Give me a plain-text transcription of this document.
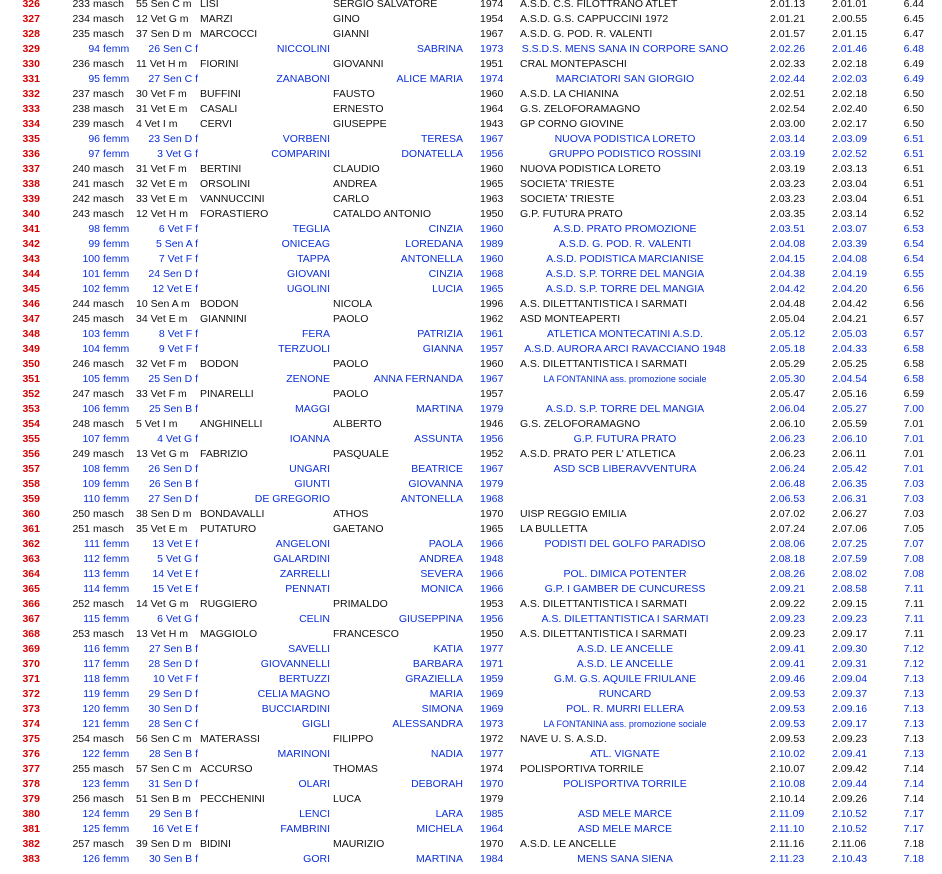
326	233 masch	55 Sen C m LISI	SERGIO SALVATORE	1974 A.S.D. C.S. FILOTTRANO ATLET	2.01.13	2.01.01	6.44
327	234 masch	12 Vet G m	MARZI	GINO	1954 A.S.D. G.S. CAPPUCCINI 1972	2.01.21	2.00.55	6.45
328	235 masch	37 Sen D m MARCOCCI	GIANNI	1967 A.S.D. G. POD. R. VALENTI	2.01.57	2.01.15	6.47
329	94 femm	26 Sen C f	NICCOLINI	SABRINA 1973	S.S.D.S. MENS SANA IN CORPORE SANO	2.02.26	2.01.46	6.48
330	236 masch	11 Vet H m	FIORINI	GIOVANNI	1951 CRAL MONTEPASCHI	2.02.33	2.02.18	6.49
331	95 femm	27 Sen C f	ZANABONI	ALICE MARIA 1974	MARCIATORI SAN GIORGIO	2.02.44	2.02.03	6.49
332	237 masch	30 Vet F m	BUFFINI	FAUSTO	1960 A.S.D. LA CHIANINA	2.02.51	2.02.18	6.50
333	238 masch	31 Vet E m	CASALI	ERNESTO	1964 G.S. ZELOFORAMAGNO	2.02.54	2.02.40	6.50
334	239 masch	4 Vet I m	CERVI	GIUSEPPE	1943 GP CORNO GIOVINE	2.03.00	2.02.17	6.50
335	96 femm	23 Sen D f	VORBENI	TERESA 1967	NUOVA PODISTICA LORETO	2.03.14	2.03.09	6.51
336	97 femm	3 Vet G f	COMPARINI	DONATELLA 1956	GRUPPO PODISTICO ROSSINI	2.03.19	2.02.52	6.51
337	240 masch	31 Vet F m	BERTINI	CLAUDIO	1960 NUOVA PODISTICA LORETO	2.03.19	2.03.13	6.51
338	241 masch	32 Vet E m	ORSOLINI	ANDREA	1965 SOCIETA' TRIESTE	2.03.23	2.03.04	6.51
339	242 masch	33 Vet E m	VANNUCCINI	CARLO	1963 SOCIETA' TRIESTE	2.03.23	2.03.04	6.51
340	243 masch	12 Vet H m	FORASTIERO	CATALDO ANTONIO	1950 G.P. FUTURA PRATO	2.03.35	2.03.14	6.52
341	98 femm	6 Vet F f	TEGLIA	CINZIA 1960	A.S.D. PRATO PROMOZIONE	2.03.51	2.03.07	6.53
342	99 femm	5 Sen A f	ONICEAG	LOREDANA 1989	A.S.D. G. POD. R. VALENTI	2.04.08	2.03.39	6.54
343	100 femm	7 Vet F f	TAPPA	ANTONELLA 1960	A.S.D. PODISTICA MARCIANISE	2.04.15	2.04.08	6.54
344	101 femm	24 Sen D f	GIOVANI	CINZIA 1968	A.S.D. S.P. TORRE DEL MANGIA	2.04.38	2.04.19	6.55
345	102 femm	12 Vet E f	UGOLINI	LUCIA 1965	A.S.D. S.P. TORRE DEL MANGIA	2.04.42	2.04.20	6.56
346	244 masch	10 Sen A m BODON	NICOLA	1996 A.S. DILETTANTISTICA I SARMATI	2.04.48	2.04.42	6.56
347	245 masch	34 Vet E m	GIANNINI	PAOLO	1962 ASD MONTEAPERTI	2.05.04	2.04.21	6.57
348	103 femm	8 Vet F f	FERA	PATRIZIA 1961	ATLETICA MONTECATINI A.S.D.	2.05.12	2.05.03	6.57
349	104 femm	9 Vet F f	TERZUOLI	GIANNA 1957	A.S.D. AURORA ARCI RAVACCIANO 1948	2.05.18	2.04.33	6.58
350	246 masch	32 Vet F m	BODON	PAOLO	1960 A.S. DILETTANTISTICA I SARMATI	2.05.29	2.05.25	6.58
351	105 femm	25 Sen D f	ZENONE	ANNA FERNANDA 1967	LA FONTANINA ass. promozione sociale	2.05.30	2.04.54	6.58
352	247 masch	33 Vet F m	PINARELLI	PAOLO	1957	2.05.47	2.05.16	6.59
353	106 femm	25 Sen B f	MAGGI	MARTINA 1979	A.S.D. S.P. TORRE DEL MANGIA	2.06.04	2.05.27	7.00
354	248 masch	5 Vet I m	ANGHINELLI	ALBERTO	1946 G.S. ZELOFORAMAGNO	2.06.10	2.05.59	7.01
355	107 femm	4 Vet G f	IOANNA	ASSUNTA 1956	G.P. FUTURA PRATO	2.06.23	2.06.10	7.01
356	249 masch	13 Vet G m	FABRIZIO	PASQUALE	1952 A.S.D. PRATO PER L' ATLETICA	2.06.23	2.06.11	7.01
357	108 femm	26 Sen D f	UNGARI	BEATRICE 1967	ASD SCB LIBERAVVENTURA	2.06.24	2.05.42	7.01
358	109 femm	26 Sen B f	GIUNTI	GIOVANNA 1979	2.06.48	2.06.35	7.03
359	110 femm	27 Sen D f	DE GREGORIO	ANTONELLA 1968	2.06.53	2.06.31	7.03
360	250 masch	38 Sen D m BONDAVALLI	ATHOS	1970 UISP REGGIO EMILIA	2.07.02	2.06.27	7.03
361	251 masch	35 Vet E m	PUTATURO	GAETANO	1965 LA BULLETTA	2.07.24	2.07.06	7.05
362	111 femm	13 Vet E f	ANGELONI	PAOLA 1966	PODISTI DEL GOLFO PARADISO	2.08.06	2.07.25	7.07
363	112 femm	5 Vet G f	GALARDINI	ANDREA 1948	2.08.18	2.07.59	7.08
364	113 femm	14 Vet E f	ZARRELLI	SEVERA 1966	POL. DIMICA POTENTER	2.08.26	2.08.02	7.08
365	114 femm	15 Vet E f	PENNATI	MONICA 1966	G.P. I GAMBER DE CUNCURESS	2.09.21	2.08.58	7.11
366	252 masch	14 Vet G m	RUGGIERO	PRIMALDO	1953 A.S. DILETTANTISTICA I SARMATI	2.09.22	2.09.15	7.11
367	115 femm	6 Vet G f	CELIN	GIUSEPPINA 1956	A.S. DILETTANTISTICA I SARMATI	2.09.23	2.09.23	7.11
368	253 masch	13 Vet H m	MAGGIOLO	FRANCESCO	1950 A.S. DILETTANTISTICA I SARMATI	2.09.23	2.09.17	7.11
369	116 femm	27 Sen B f	SAVELLI	KATIA 1977	A.S.D. LE ANCELLE	2.09.41	2.09.30	7.12
370	117 femm	28 Sen D f	GIOVANNELLI	BARBARA 1971	A.S.D. LE ANCELLE	2.09.41	2.09.31	7.12
371	118 femm	10 Vet F f	BERTUZZI	GRAZIELLA 1959	G.M. G.S. AQUILE FRIULANE	2.09.46	2.09.04	7.13
372	119 femm	29 Sen D f	CELIA MAGNO	MARIA 1969	RUNCARD	2.09.53	2.09.37	7.13
373	120 femm	30 Sen D f	BUCCIARDINI	SIMONA 1969	POL. R. MURRI ELLERA	2.09.53	2.09.16	7.13
374	121 femm	28 Sen C f	GIGLI	ALESSANDRA 1973	LA FONTANINA ass. promozione sociale	2.09.53	2.09.17	7.13
375	254 masch	56 Sen C m MATERASSI	FILIPPO	1972 NAVE U. S. A.S.D.	2.09.53	2.09.23	7.13
376	122 femm	28 Sen B f	MARINONI	NADIA 1977	ATL. VIGNATE	2.10.02	2.09.41	7.13
377	255 masch	57 Sen C m ACCURSO	THOMAS	1974 POLISPORTIVA TORRILE	2.10.07	2.09.42	7.14
378	123 femm	31 Sen D f	OLARI	DEBORAH 1970	POLISPORTIVA TORRILE	2.10.08	2.09.44	7.14
379	256 masch	51 Sen B m PECCHENINI	LUCA	1979	2.10.14	2.09.26	7.14
380	124 femm	29 Sen B f	LENCI	LARA 1985	ASD MELE MARCE	2.11.09	2.10.52	7.17
381	125 femm	16 Vet E f	FAMBRINI	MICHELA 1964	ASD MELE MARCE	2.11.10	2.10.52	7.17
382	257 masch	39 Sen D m BIDINI	MAURIZIO	1970 A.S.D. LE ANCELLE	2.11.16	2.11.06	7.18
383	126 femm	30 Sen B f	GORI	MARTINA 1984	MENS SANA SIENA	2.11.23	2.10.43	7.18
